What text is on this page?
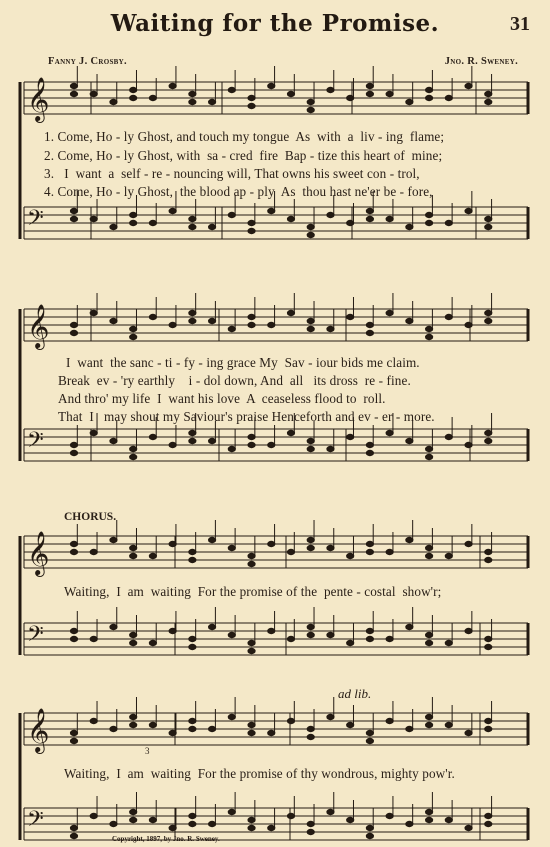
Waiting for the Promise.	31
Fanny J. Crosby.	Jno. R. Sweney.
𝄞
𝄢
𝄞
𝄢
𝄞
𝄢
𝄞
𝄢
1. Come, Ho - ly Ghost, and touch my tongue  As  with  a  liv - ing  flame;
2. Come, Ho - ly Ghost, with  sa - cred  fire  Bap - tize this heart of  mine;
3.   I  want  a  self - re - nouncing will, That owns his sweet con - trol,
4. Come, Ho - ly Ghost,  the blood ap - ply  As  thou hast ne'er be - fore,
I  want  the sanc - ti - fy - ing grace My  Sav - iour bids me claim.
Break  ev - 'ry earthly    i - dol down, And  all   its dross  re - fine.
And thro' my life  I  want his love  A  ceaseless flood to  roll.
That  I   may shout my Saviour's praise Henceforth and ev - er - more.
CHORUS.
Waiting,  I  am  waiting  For the promise of the  pente - costal  show'r;
ad lib.
Waiting,  I  am  waiting  For the promise of thy wondrous, mighty pow'r.
3
Copyright, 1897, by Jno. R. Sweney.
